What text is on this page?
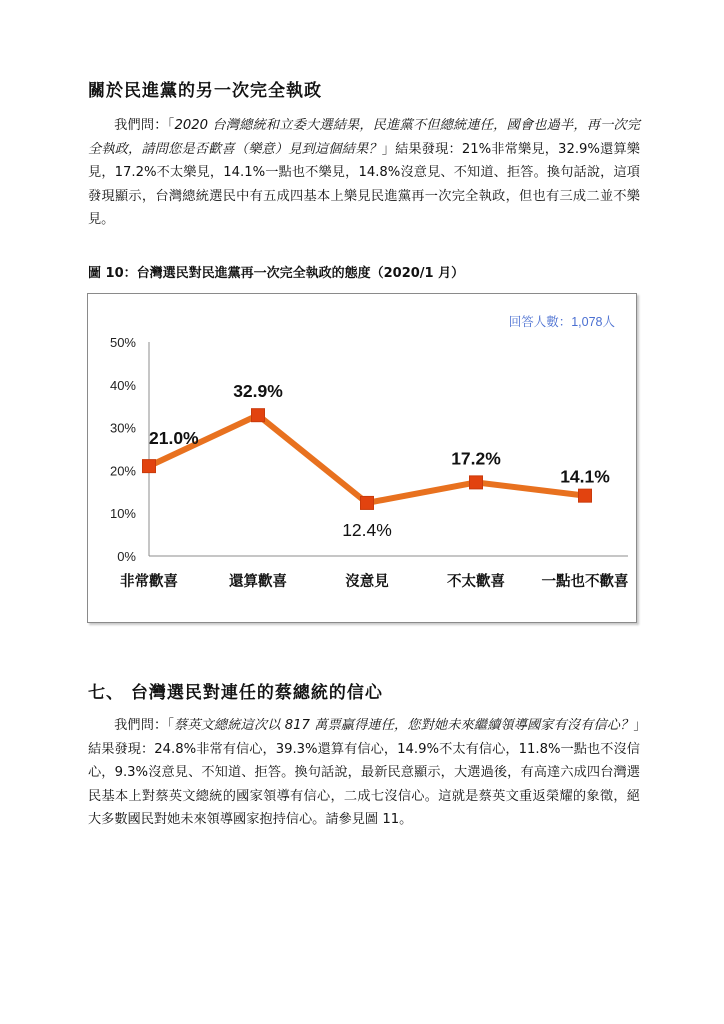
關於民進黨的另一次完全執政
我們問：「2020 台灣總統和立委大選結果，民進黨不但總統連任，國會也過半，再一次完全執政，請問您是否歡喜（樂意）見到這個結果？」結果發現：21%非常樂見，32.9%還算樂見，17.2%不太樂見，14.1%一點也不樂見，14.8%沒意見、不知道、拒答。換句話說，這項發現顯示，台灣總統選民中有五成四基本上樂見民進黨再一次完全執政，但也有三成二並不樂見。
圖 10：台灣選民對民進黨再一次完全執政的態度（2020/1 月）
回答人數：1,078人
0%
10%
20%
30%
40%
50%
非常歡喜	還算歡喜	沒意見	不太歡喜	一點也不歡喜
21.0%
32.9%
12.4%
17.2%
14.1%
七、 台灣選民對連任的蔡總統的信心
我們問：「蔡英文總統這次以 817 萬票贏得連任，您對她未來繼續領導國家有沒有信心？」結果發現：24.8%非常有信心，39.3%還算有信心，14.9%不太有信心，11.8%一點也不沒信心，9.3%沒意見、不知道、拒答。換句話說，最新民意顯示，大選過後，有高達六成四台灣選民基本上對蔡英文總統的國家領導有信心，二成七沒信心。這就是蔡英文重返榮耀的象徵，絕大多數國民對她未來領導國家抱持信心。請參見圖 11。
